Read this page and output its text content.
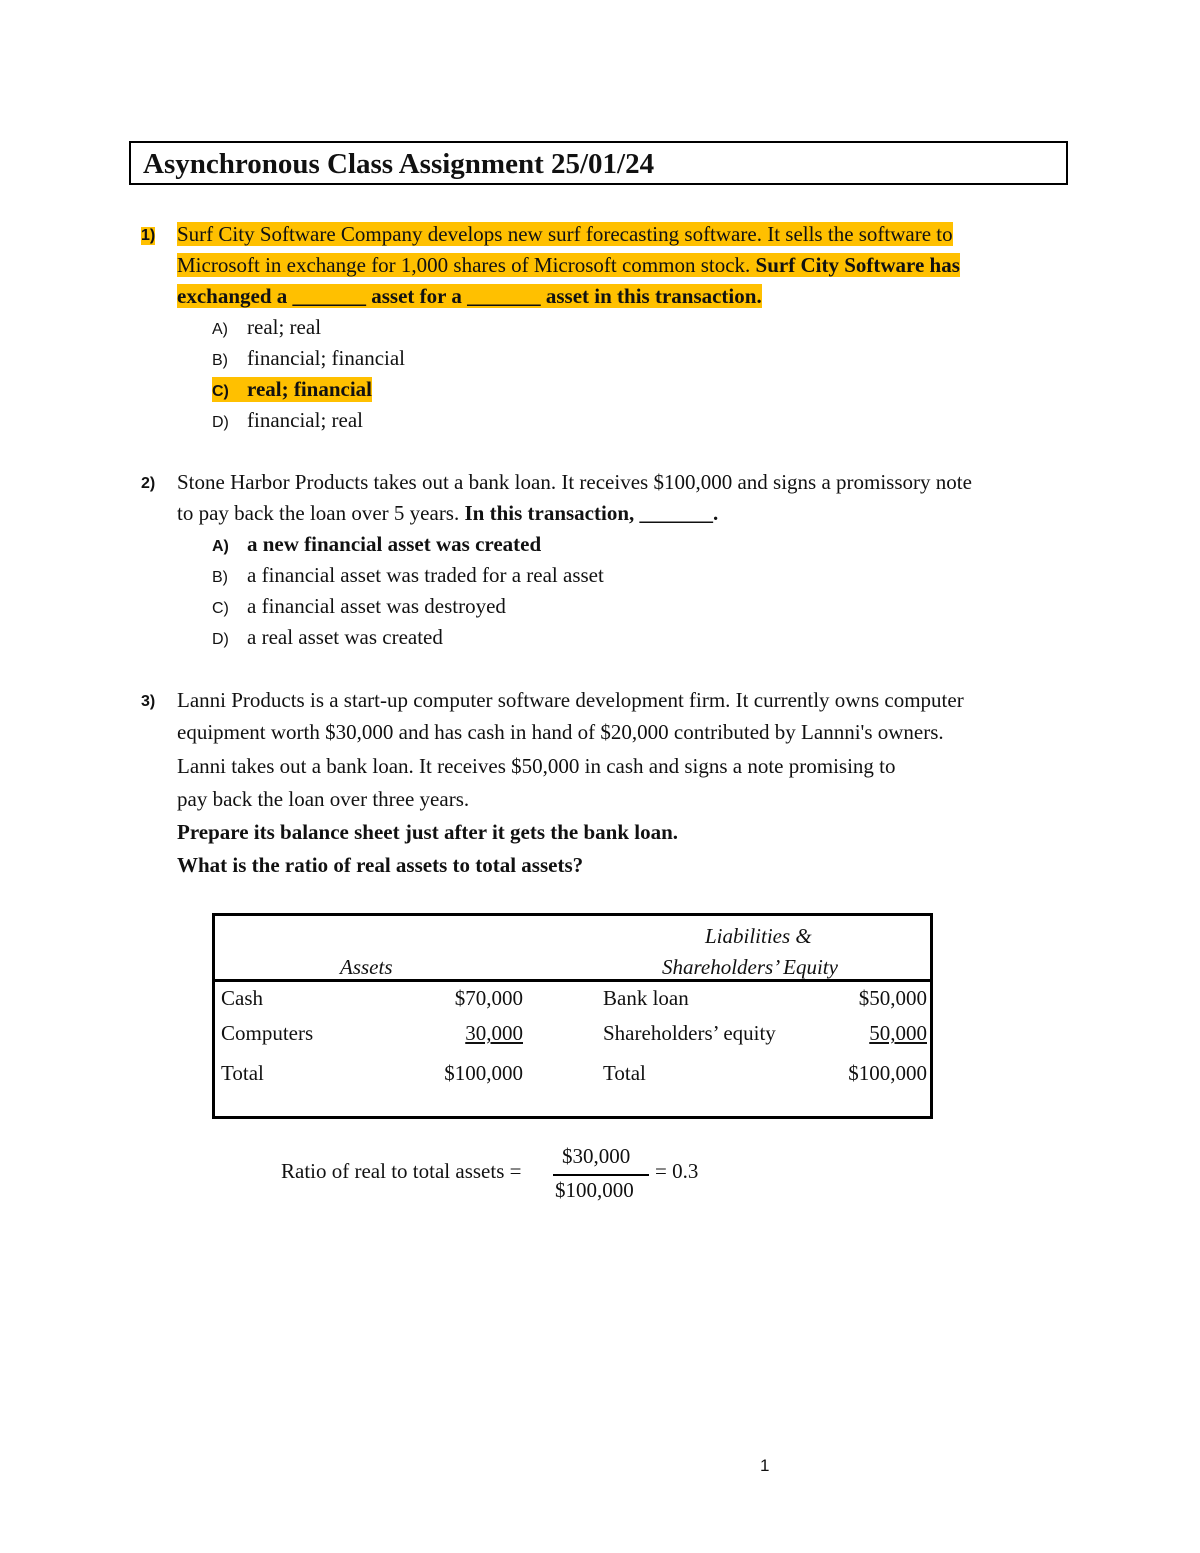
Asynchronous Class Assignment 25/01/24
1) Surf City Software Company develops new surf forecasting software. It sells the software to
Microsoft in exchange for 1,000 shares of Microsoft common stock. Surf City Software has
exchanged a _______ asset for a _______ asset in this transaction.
A) real; real
B) financial; financial
C) real; financial
D) financial; real
2) Stone Harbor Products takes out a bank loan. It receives $100,000 and signs a promissory note
to pay back the loan over 5 years. In this transaction, _______.
A) a new financial asset was created
B) a financial asset was traded for a real asset
C) a financial asset was destroyed
D) a real asset was created
3) Lanni Products is a start-up computer software development firm. It currently owns computer
equipment worth $30,000 and has cash in hand of $20,000 contributed by Lannni's owners.
Lanni takes out a bank loan. It receives $50,000 in cash and signs a note promising to
pay back the loan over three years.
Prepare its balance sheet just after it gets the bank loan.
What is the ratio of real assets to total assets?
Assets
Liabilities &
Shareholders’ Equity
Cash	$70,000	Bank loan	$50,000
Computers	30,000	Shareholders’ equity	50,000
Total	$100,000	Total	$100,000
Ratio of real to total assets =
$30,000
$100,000
= 0.3
1
